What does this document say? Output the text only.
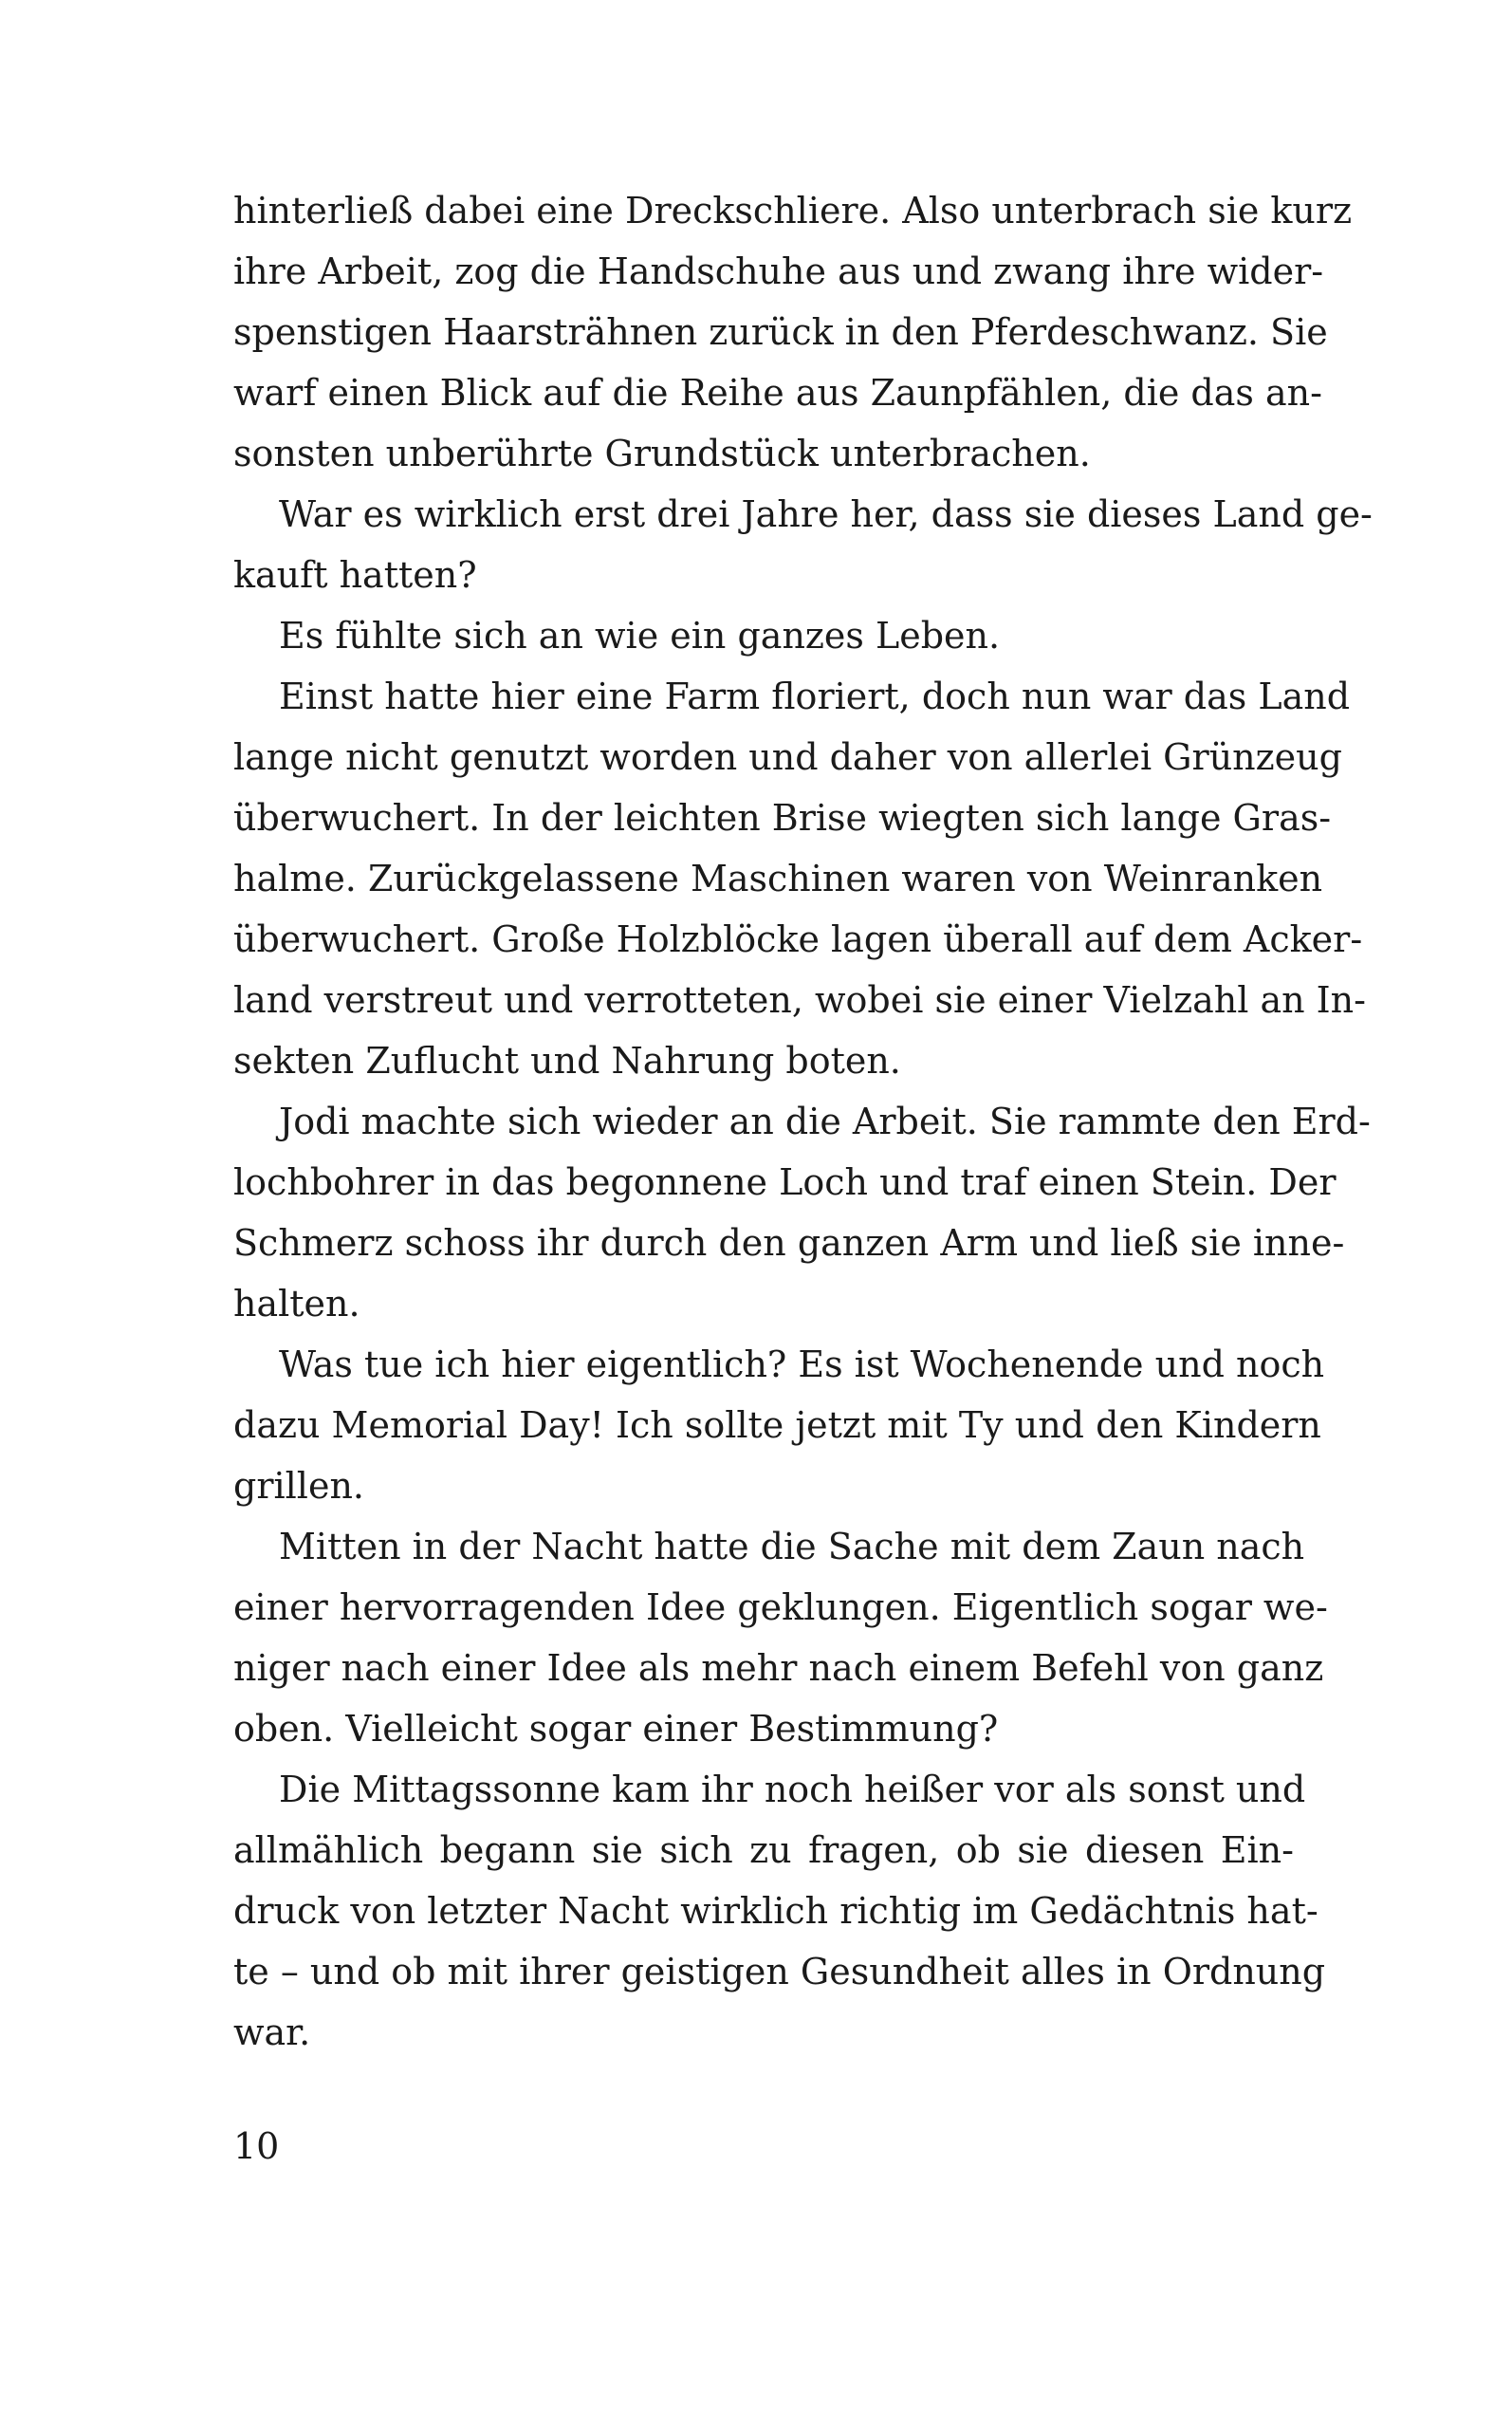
hinterließ dabei eine Dreckschliere. Also unterbrach sie kurz
ihre Arbeit, zog die Handschuhe aus und zwang ihre wider-
spenstigen Haarsträhnen zurück in den Pferdeschwanz. Sie
warf einen Blick auf die Reihe aus Zaunpfählen, die das an-
sonsten unberührte Grundstück unterbrachen.

War es wirklich erst drei Jahre her, dass sie dieses Land ge-
kauft hatten?

Es fühlte sich an wie ein ganzes Leben.

Einst hatte hier eine Farm floriert, doch nun war das Land
lange nicht genutzt worden und daher von allerlei Grünzeug
überwuchert. In der leichten Brise wiegten sich lange Gras-
halme. Zurückgelassene Maschinen waren von Weinranken
überwuchert. Große Holzblöcke lagen überall auf dem Acker-
land verstreut und verrotteten, wobei sie einer Vielzahl an In-
sekten Zuflucht und Nahrung boten.

Jodi machte sich wieder an die Arbeit. Sie rammte den Erd-
lochbohrer in das begonnene Loch und traf einen Stein. Der
Schmerz schoss ihr durch den ganzen Arm und ließ sie inne-
halten.

Was tue ich hier eigentlich? Es ist Wochenende und noch
dazu Memorial Day! Ich sollte jetzt mit Ty und den Kindern
grillen.

Mitten in der Nacht hatte die Sache mit dem Zaun nach
einer hervorragenden Idee geklungen. Eigentlich sogar we-
niger nach einer Idee als mehr nach einem Befehl von ganz
oben. Vielleicht sogar einer Bestimmung?

Die Mittagssonne kam ihr noch heißer vor als sonst und
allmählich begann sie sich zu fragen, ob sie diesen Ein-
druck von letzter Nacht wirklich richtig im Gedächtnis hat-
te – und ob mit ihrer geistigen Gesundheit alles in Ordnung
war.

10
